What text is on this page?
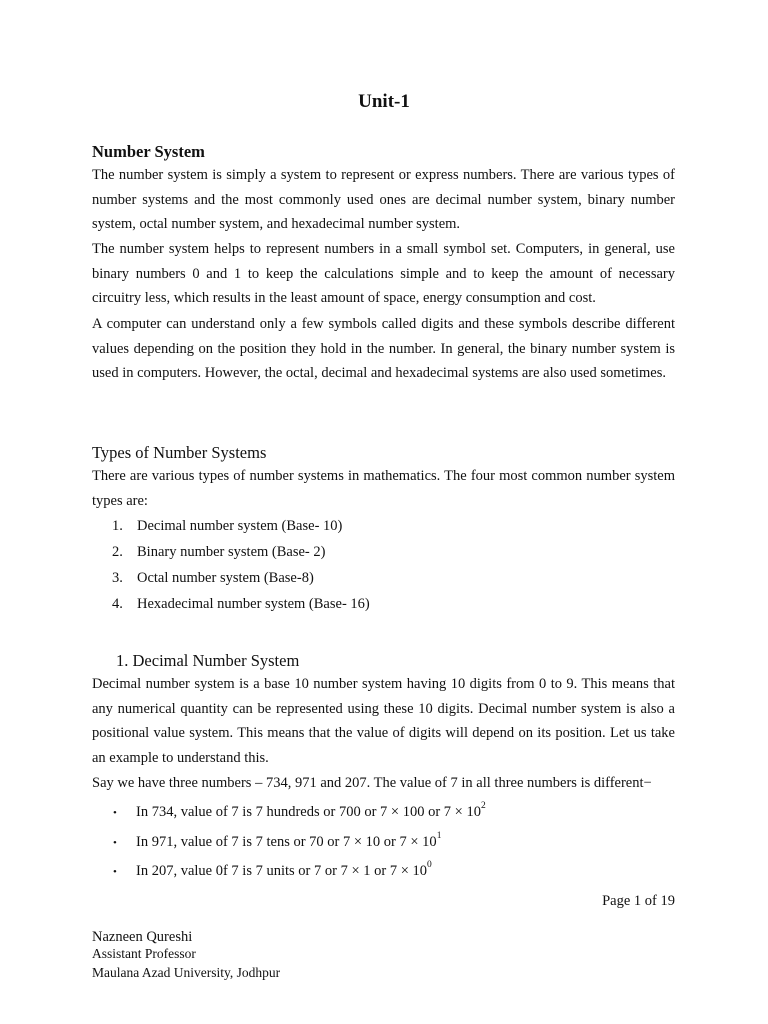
Unit-1
Number System

The number system is simply a system to represent or express numbers. There are various types of number systems and the most commonly used ones are decimal number system, binary number system, octal number system, and hexadecimal number system.

The number system helps to represent numbers in a small symbol set. Computers, in general, use binary numbers 0 and 1 to keep the calculations simple and to keep the amount of necessary circuitry less, which results in the least amount of space, energy consumption and cost.

A computer can understand only a few symbols called digits and these symbols describe different values depending on the position they hold in the number. In general, the binary number system is used in computers. However, the octal, decimal and hexadecimal systems are also used sometimes.

Types of Number Systems

There are various types of number systems in mathematics. The four most common number system types are:

1. Decimal number system (Base- 10)
2. Binary number system (Base- 2)
3. Octal number system (Base-8)
4. Hexadecimal number system (Base- 16)
1. Decimal Number System

Decimal number system is a base 10 number system having 10 digits from 0 to 9. This means that any numerical quantity can be represented using these 10 digits. Decimal number system is also a positional value system. This means that the value of digits will depend on its position. Let us take an example to understand this.

Say we have three numbers – 734, 971 and 207. The value of 7 in all three numbers is different−

• In 734, value of 7 is 7 hundreds or 700 or 7 × 100 or $7 \times 10^2$
• In 971, value of 7 is 7 tens or 70 or 7 × 10 or $7 \times 10^1$
• In 207, value 0f 7 is 7 units or 7 or 7 × 1 or $7 \times 10^0$
Page 1 of 19
Nazneen Qureshi
Assistant Professor
Maulana Azad University, Jodhpur
